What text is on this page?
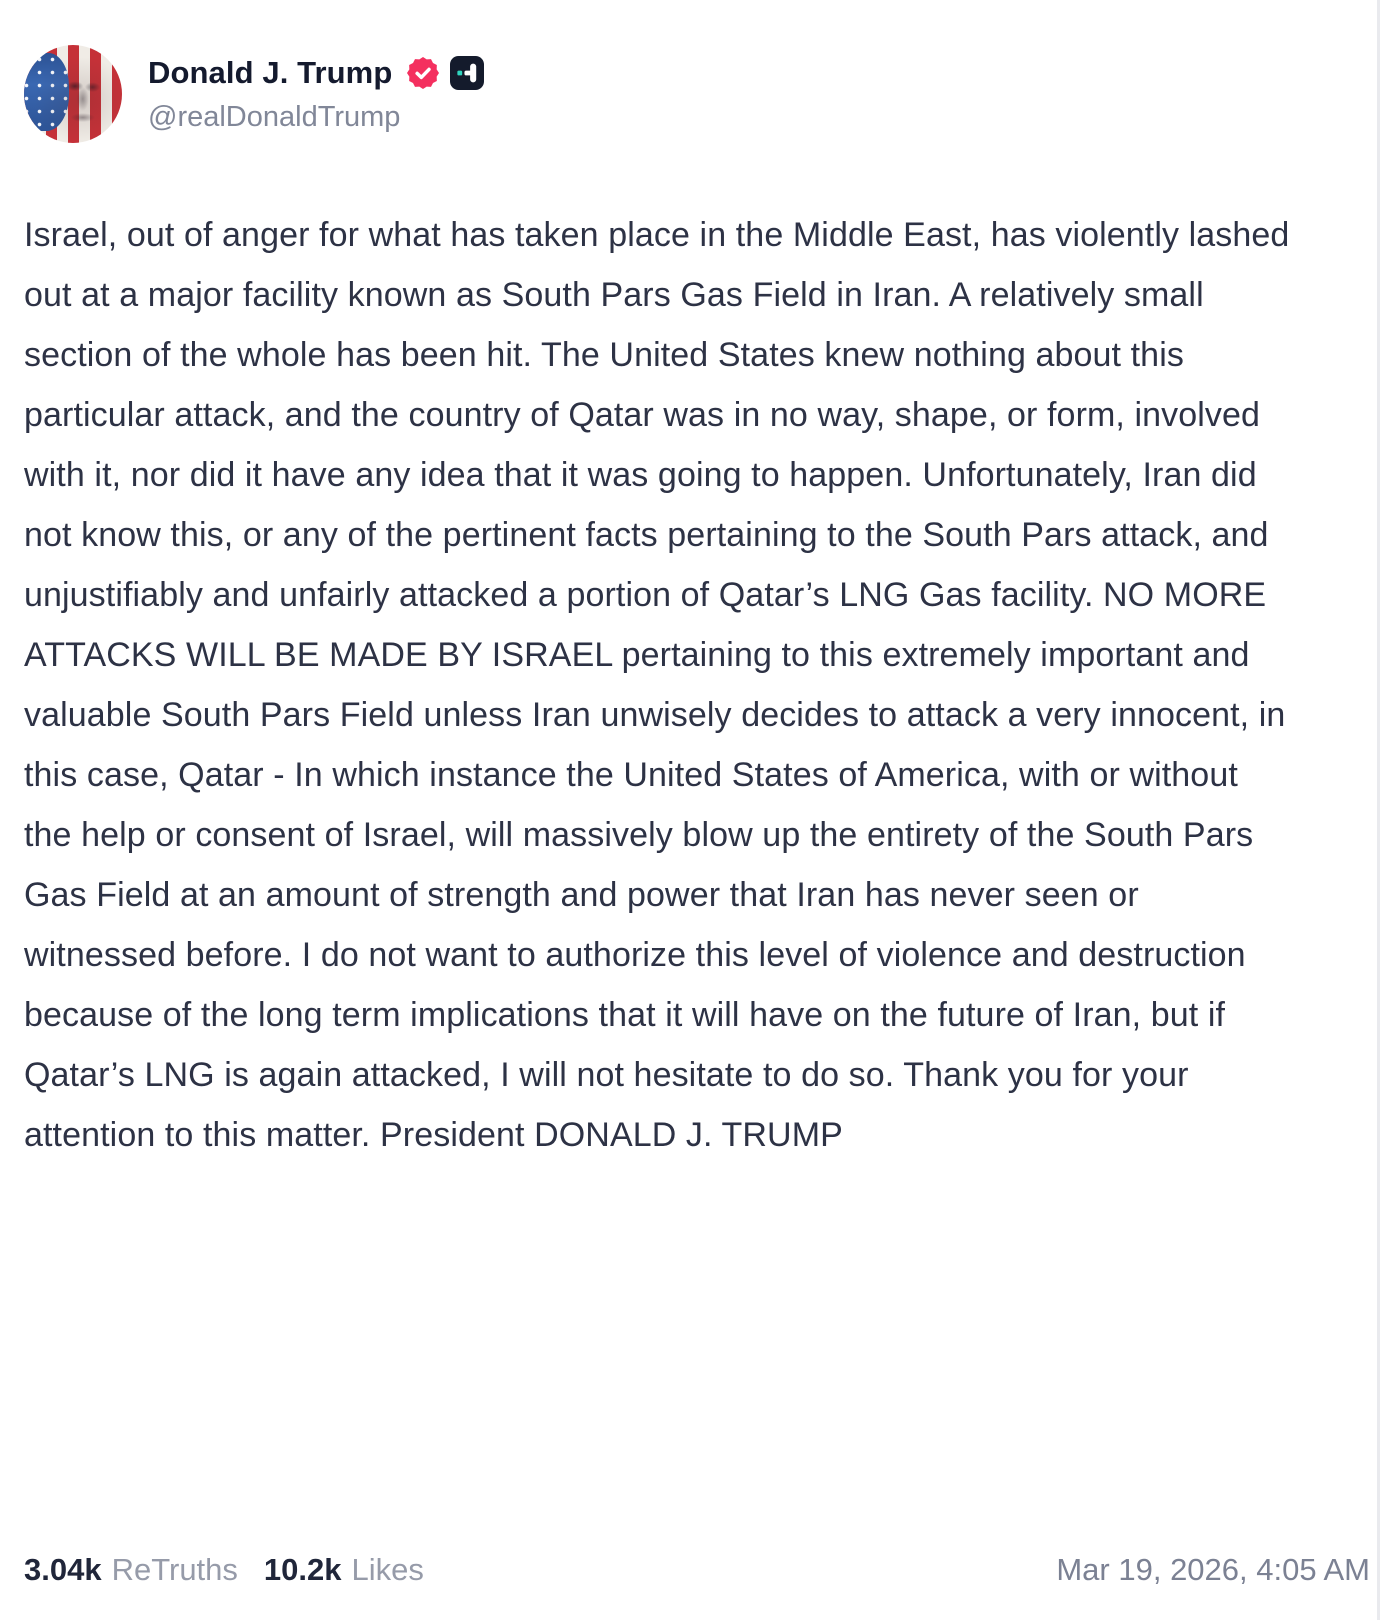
Donald J. Trump
@realDonaldTrump

Israel, out of anger for what has taken place in the Middle East, has violently lashed out at a major facility known as South Pars Gas Field in Iran. A relatively small section of the whole has been hit. The United States knew nothing about this particular attack, and the country of Qatar was in no way, shape, or form, involved with it, nor did it have any idea that it was going to happen. Unfortunately, Iran did not know this, or any of the pertinent facts pertaining to the South Pars attack, and unjustifiably and unfairly attacked a portion of Qatar’s LNG Gas facility. NO MORE ATTACKS WILL BE MADE BY ISRAEL pertaining to this extremely important and valuable South Pars Field unless Iran unwisely decides to attack a very innocent, in this case, Qatar - In which instance the United States of America, with or without the help or consent of Israel, will massively blow up the entirety of the South Pars Gas Field at an amount of strength and power that Iran has never seen or witnessed before. I do not want to authorize this level of violence and destruction because of the long term implications that it will have on the future of Iran, but if Qatar’s LNG is again attacked, I will not hesitate to do so. Thank you for your attention to this matter. President DONALD J. TRUMP

3.04k ReTruths 10.2k Likes	Mar 19, 2026, 4:05 AM
